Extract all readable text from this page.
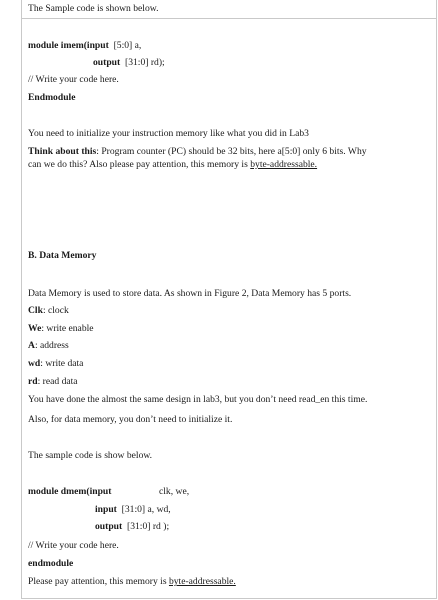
The Sample code is shown below.
module imem(input [5:0] a,
output [31:0] rd);
// Write your code here.
Endmodule
You need to initialize your instruction memory like what you did in Lab3
Think about this: Program counter (PC) should be 32 bits, here a[5:0] only 6 bits. Why
can we do this? Also please pay attention, this memory is byte-addressable.
B. Data Memory
Data Memory is used to store data. As shown in Figure 2, Data Memory has 5 ports.
Clk: clock
We: write enable
A: address
wd: write data
rd: read data
You have done the almost the same design in lab3, but you don’t need read_en this time.
Also, for data memory, you don’t need to initialize it.
The sample code is show below.
module dmem(input	clk, we,
input [31:0] a, wd,
output [31:0] rd );
// Write your code here.
endmodule
Please pay attention, this memory is byte-addressable.
